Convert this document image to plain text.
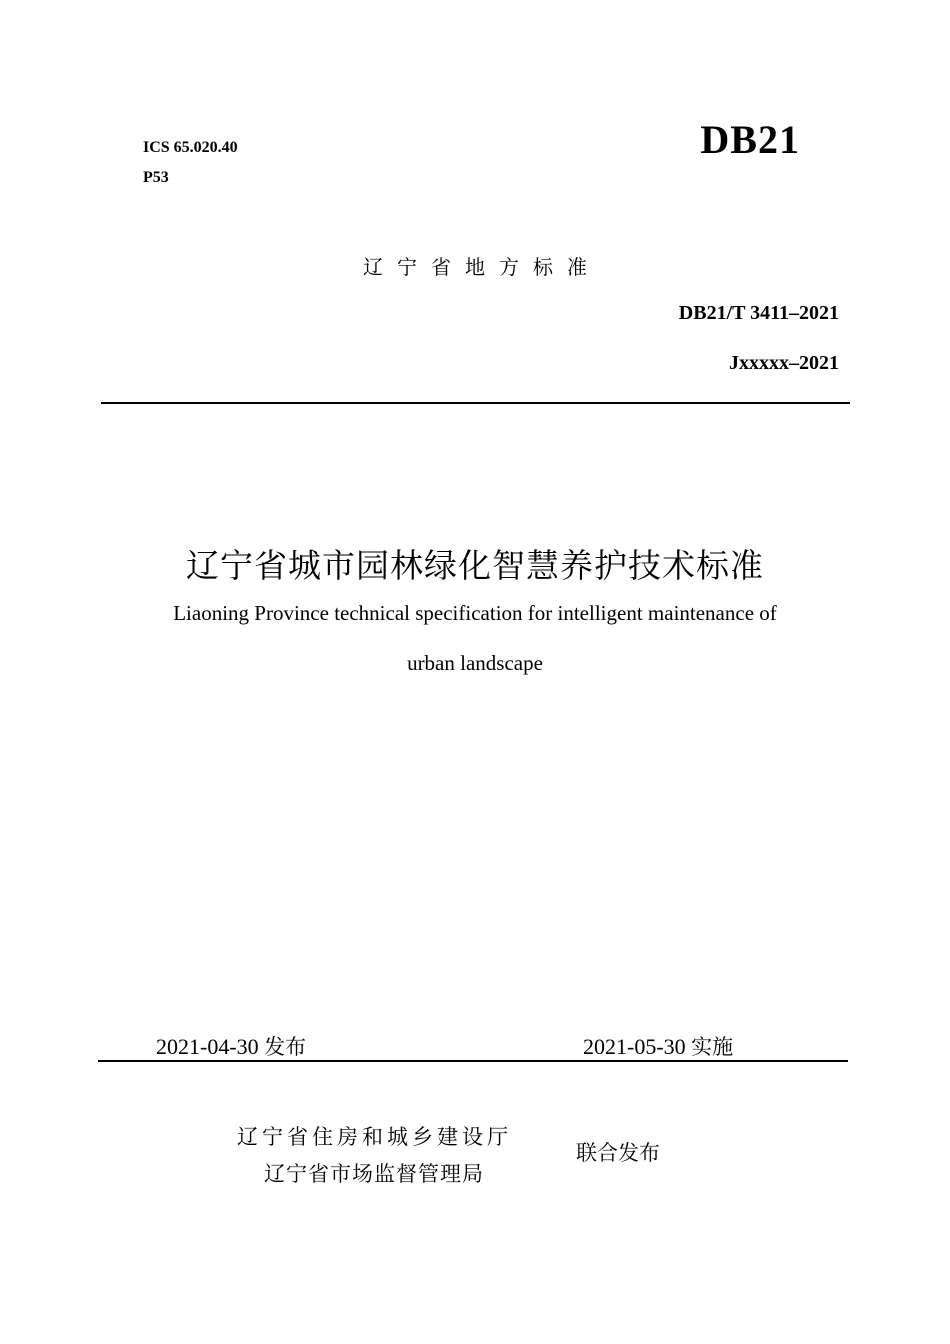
ICS 65.020.40
P53
DB21
辽宁省地方标准
DB21/T 3411–2021
Jxxxxx–2021
辽宁省城市园林绿化智慧养护技术标准
Liaoning Province technical specification for intelligent maintenance of
urban landscape
2021-04-30 发布	2021-05-30 实施
辽宁省住房和城乡建设厅
辽宁省市场监督管理局
联合发布
